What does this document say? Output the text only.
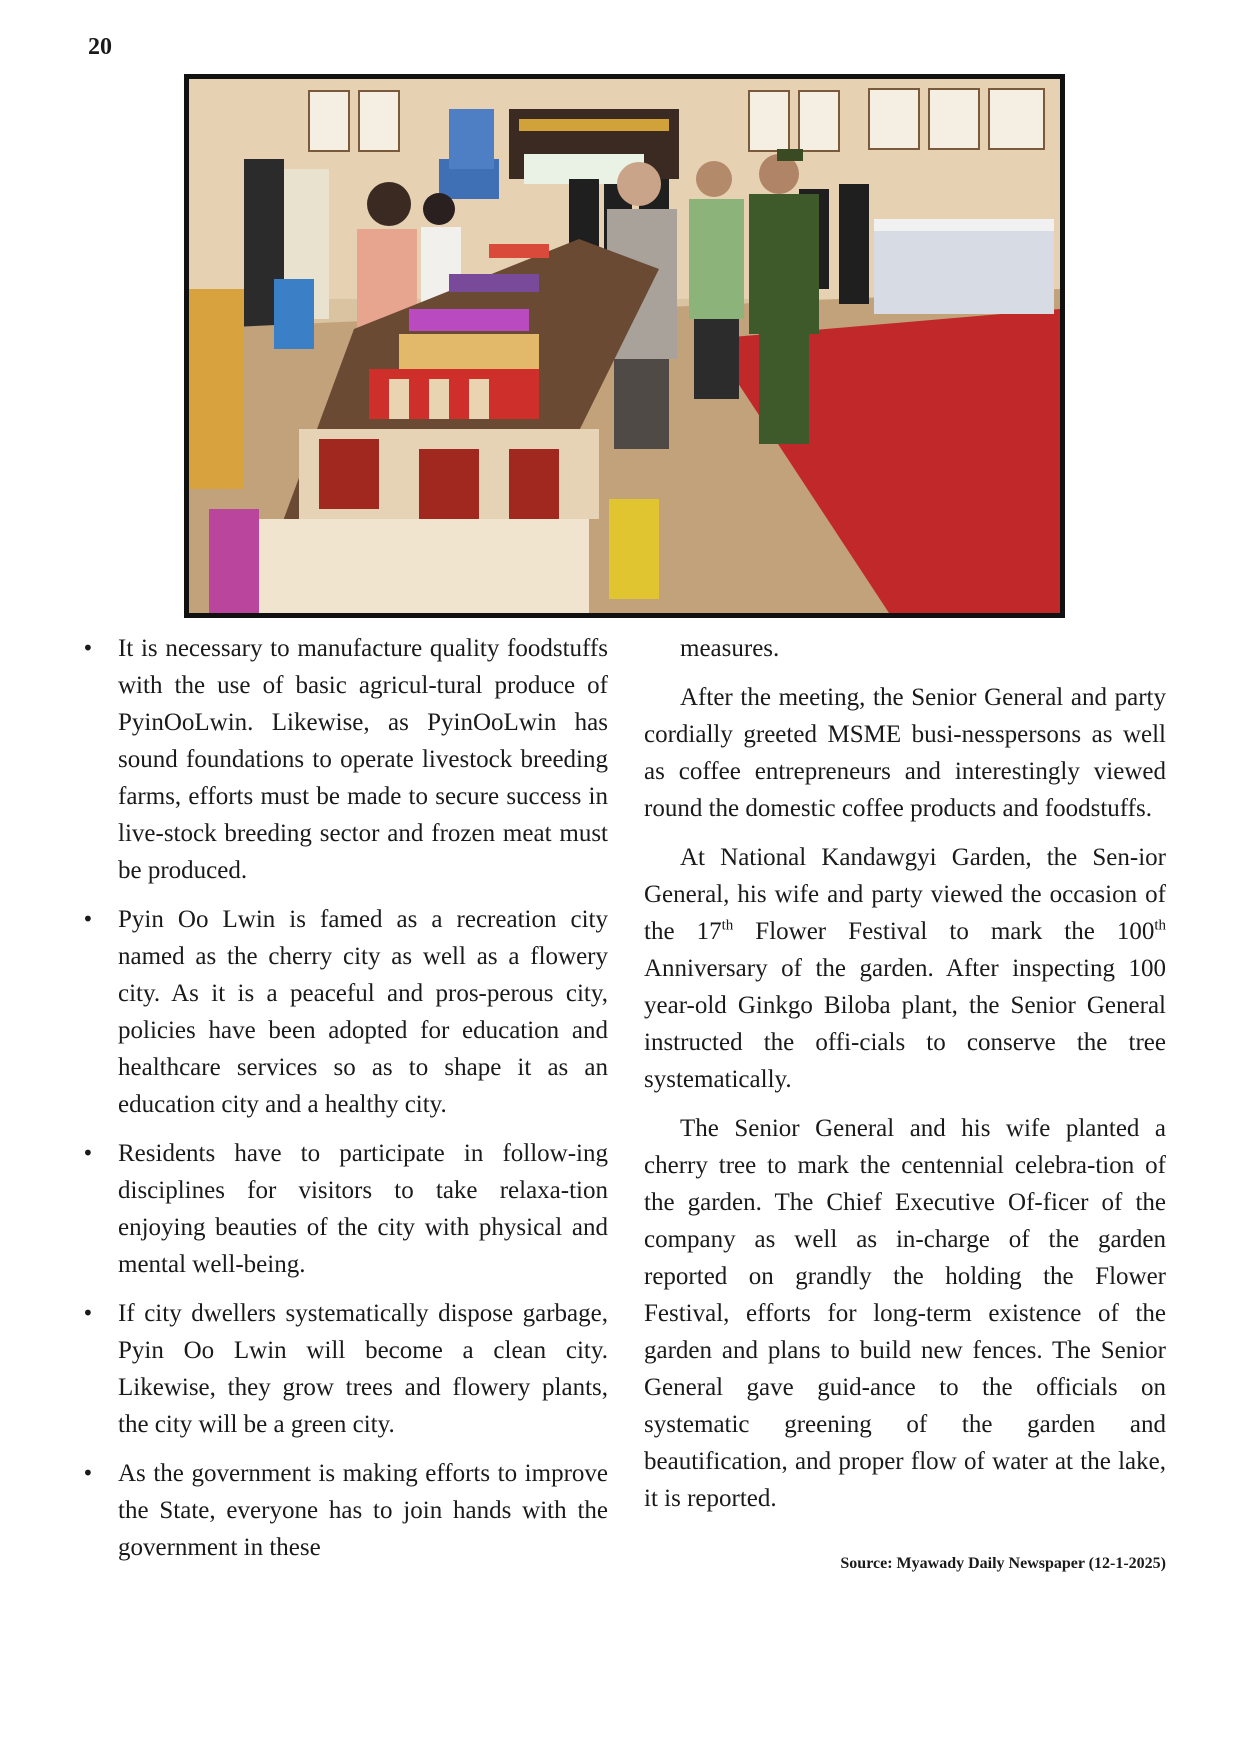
20
• It is necessary to manufacture quality foodstuffs with the use of basic agricul-tural produce of PyinOoLwin. Likewise, as PyinOoLwin has sound foundations to operate livestock breeding farms, efforts must be made to secure success in live-stock breeding sector and frozen meat must be produced.
• Pyin Oo Lwin is famed as a recreation city named as the cherry city as well as a flowery city. As it is a peaceful and pros-perous city, policies have been adopted for education and healthcare services so as to shape it as an education city and a healthy city.
• Residents have to participate in follow-ing disciplines for visitors to take relaxa-tion enjoying beauties of the city with physical and mental well-being.
• If city dwellers systematically dispose garbage, Pyin Oo Lwin will become a clean city. Likewise, they grow trees and flowery plants, the city will be a green city.
• As the government is making efforts to improve the State, everyone has to join hands with the government in these

measures.

After the meeting, the Senior General and party cordially greeted MSME busi-nesspersons as well as coffee entrepreneurs and interestingly viewed round the domestic coffee products and foodstuffs.

At National Kandawgyi Garden, the Sen-ior General, his wife and party viewed the occasion of the 17th Flower Festival to mark the 100th Anniversary of the garden. After inspecting 100 year-old Ginkgo Biloba plant, the Senior General instructed the offi-cials to conserve the tree systematically.

The Senior General and his wife planted a cherry tree to mark the centennial celebra-tion of the garden. The Chief Executive Of-ficer of the company as well as in-charge of the garden reported on grandly the holding the Flower Festival, efforts for long-term existence of the garden and plans to build new fences. The Senior General gave guid-ance to the officials on systematic greening of the garden and beautification, and proper flow of water at the lake, it is reported.

Source: Myawady Daily Newspaper (12-1-2025)
